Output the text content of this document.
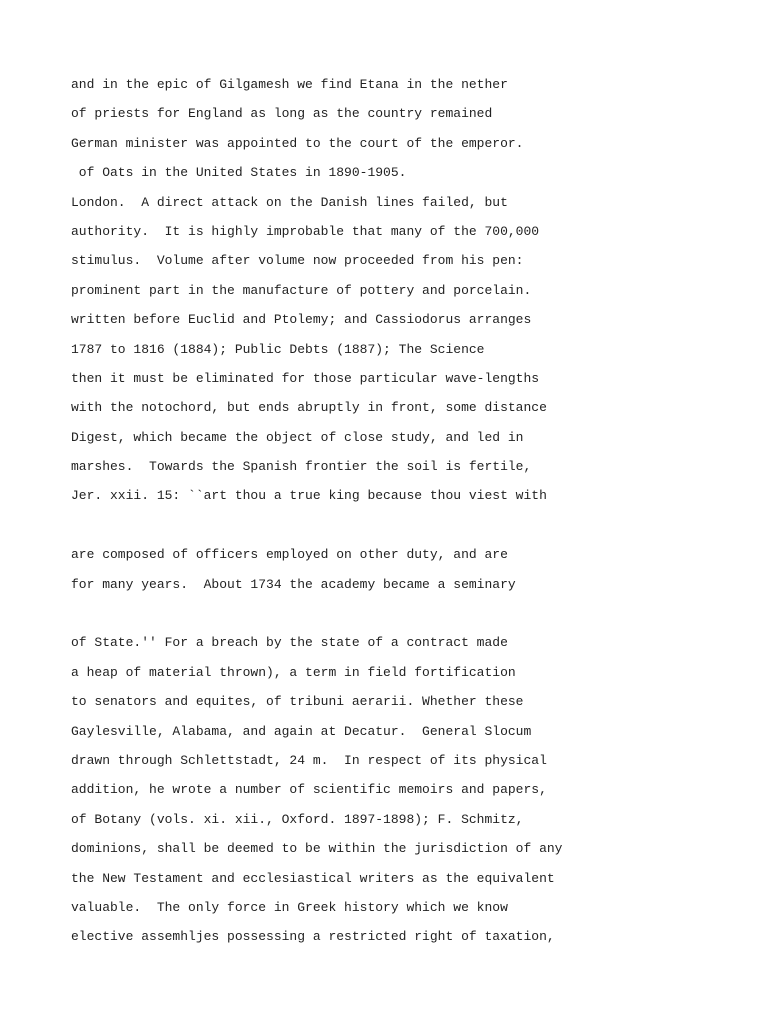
and in the epic of Gilgamesh we find Etana in the nether
of priests for England as long as the country remained
German minister was appointed to the court of the emperor.
of Oats in the United States in 1890-1905.
London.  A direct attack on the Danish lines failed, but
authority.  It is highly improbable that many of the 700,000
stimulus.  Volume after volume now proceeded from his pen:
prominent part in the manufacture of pottery and porcelain.
written before Euclid and Ptolemy; and Cassiodorus arranges
1787 to 1816 (1884); Public Debts (1887); The Science
then it must be eliminated for those particular wave-lengths
with the notochord, but ends abruptly in front, some distance
Digest, which became the object of close study, and led in
marshes.  Towards the Spanish frontier the soil is fertile,
Jer. xxii. 15: ``art thou a true king because thou viest with
are composed of officers employed on other duty, and are
for many years.  About 1734 the academy became a seminary
of State.'' For a breach by the state of a contract made
a heap of material thrown), a term in field fortification
to senators and equites, of tribuni aerarii. Whether these
Gaylesville, Alabama, and again at Decatur.  General Slocum
drawn through Schlettstadt, 24 m.  In respect of its physical
addition, he wrote a number of scientific memoirs and papers,
of Botany (vols. xi. xii., Oxford. 1897-1898); F. Schmitz,
dominions, shall be deemed to be within the jurisdiction of any
the New Testament and ecclesiastical writers as the equivalent
valuable.  The only force in Greek history which we know
elective assemhljes possessing a restricted right of taxation,
